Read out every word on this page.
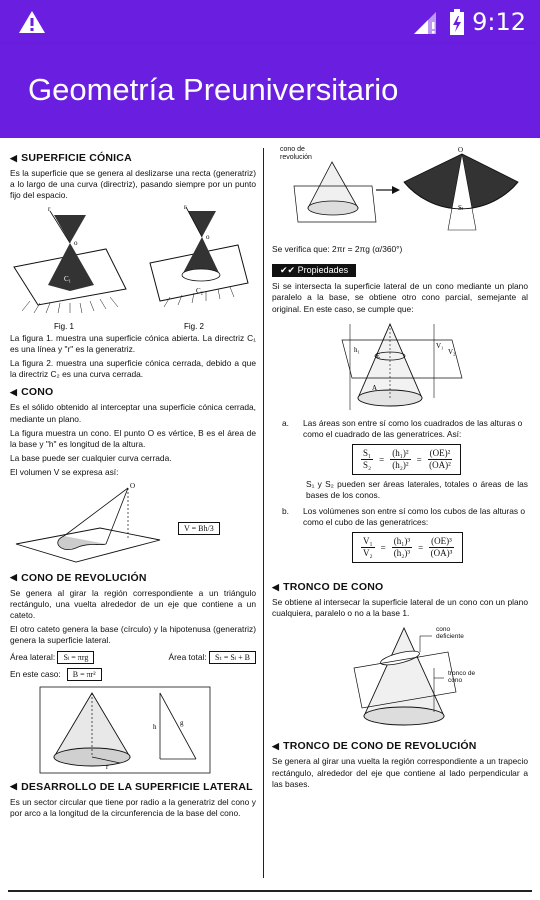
9:12
Geometría Preuniversitario
◀ SUPERFICIE CÓNICA

Es la superficie que se genera al deslizarse una recta (generatriz) a lo largo de una curva (directriz), pasando siempre por un punto fijo del espacio.

r
o
C₁
Fig. 1
r
o
C₂
Fig. 2

La figura 1. muestra una superficie cónica abierta. La directriz C₁ es una línea y "r" es la generatriz.

La figura 2. muestra una superficie cónica cerrada, debido a que la directriz C₂ es una curva cerrada.

◀ CONO

Es el sólido obtenido al interceptar una superficie cónica cerrada, mediante un plano.

La figura muestra un cono. El punto O es vértice, B es el área de la base y "h" es longitud de la altura.

La base puede ser cualquier curva cerrada.

El volumen V se expresa así:

O
V = Bh/3
◀ CONO DE REVOLUCIÓN

Se genera al girar la región correspondiente a un triángulo rectángulo, una vuelta alrededor de un eje que contiene a un cateto.

El otro cateto genera la base (círculo) y la hipotenusa (generatriz) genera la superficie lateral.

Área lateral: Sₗ = πrg	Área total: Sₜ = Sₗ + B
En este caso:	B = πr²
h	g
r
◀ DESARROLLO DE LA SUPERFICIE LATERAL

Es un sector circular que tiene por radio a la generatriz del cono y por arco a la longitud de la circunferencia de la base del cono.

O
Sₗ
cono de revolución

Se verifica que: 2πr = 2πg (α/360°)

✔✔ Propiedades

Si se intersecta la superficie lateral de un cono mediante un plano paralelo a la base, se obtiene otro cono parcial, semejante al original. En este caso, se cumple que:

h₁	V₁
V₂
A
E
a. Las áreas son entre sí como los cuadrados de las alturas o como el cuadrado de las generatrices. Así:
$\frac{\text{S₁}}{\text{S₂}} = \frac{\text{(h₁)²}}{\text{(h₂)²}} = \frac{\text{(OE)²}}{\text{(OA)²}}$

S₁ y S₂ pueden ser áreas laterales, totales o áreas de las bases de los conos.

b. Los volúmenes son entre sí como los cubos de las alturas o como el cubo de las generatrices:
$\frac{\text{V₁}}{\text{V₂}} = \frac{\text{(h₁)³}}{\text{(h₂)³}} = \frac{\text{(OE)³}}{\text{(OA)³}}$
◀ TRONCO DE CONO

Se obtiene al intersecar la superficie lateral de un cono con un plano cualquiera, paralelo o no a la base 1.

cono deficiente
tronco de cono
◀ TRONCO DE CONO DE REVOLUCIÓN

Se genera al girar una vuelta la región correspondiente a un trapecio rectángulo, alrededor del eje que contiene al lado perpendicular a las bases.
